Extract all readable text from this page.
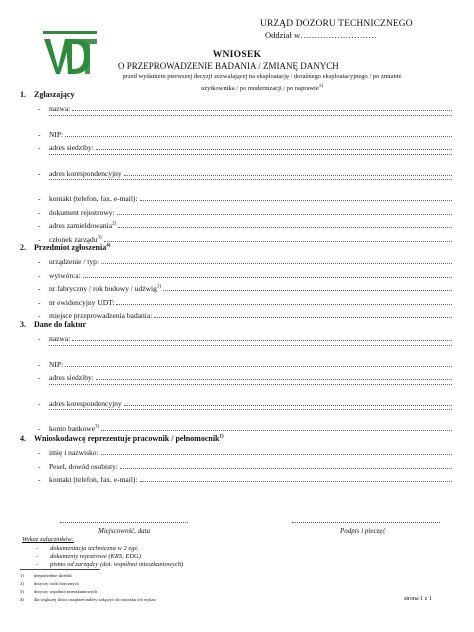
URZĄD DOZORU TECHNICZNEGO
Oddział w………………………
WNIOSEK
O PRZEPROWADZENIE BADANIA / ZMIANĘ DANYCH
przed wydaniem pierwszej decyzji zezwalającej na eksploatację / doraźnego eksploatacyjnego / po zmianie użytkownika / po modernizacji / po naprawie$^{1)}$
1. Zgłaszający
-	nazwa:
-	NIP:
-	adres siedziby:
-	adres korespondencyjny
-	kontakt (telefon, fax, e-mail):
-	dokument rejestrowy:
-	adres zamieldowania$^{2)}$
-	członek zarządu$^{3)}$
2. Przedmiot zgłoszenia$^{4)}$
-	urządzenie / typ:
-	wytwórca:
-	nr fabryczny / rok budowy / udźwig$^{1)}$
-	nr ewidencyjny UDT:
-	miejsce przeprowadzenia badania:
3. Dane do faktur
-	nazwa:
-	NIP:
-	adres siedziby:
-	adres korespondencyjny
-	konto bankowe$^{3)}$
4. Wnioskodawcę reprezentuje pracownik / pełnomocnik$^{1)}$
-	imię i nazwisko:
-	Pesel, dowód osobisty:
-	kontakt (telefon, fax, e-mail):
Miejscowość, data	Podpis i pieczęć
Wykaz załączników:
- dokumentacja techniczna w 2 egz.
- dokumenty rejestrowe (KRS, EDG)
- pismo od zarządcy (dot. wspólnot mieszkaniowych)
1) niepotrzebne skreślić
2) dotyczy osób fizycznych
3) dotyczy wspólnot mieszkaniowych
4) dla większej ilości urządzeń należy załączyć do wniosku ich wykaz	strona 1 z 1
